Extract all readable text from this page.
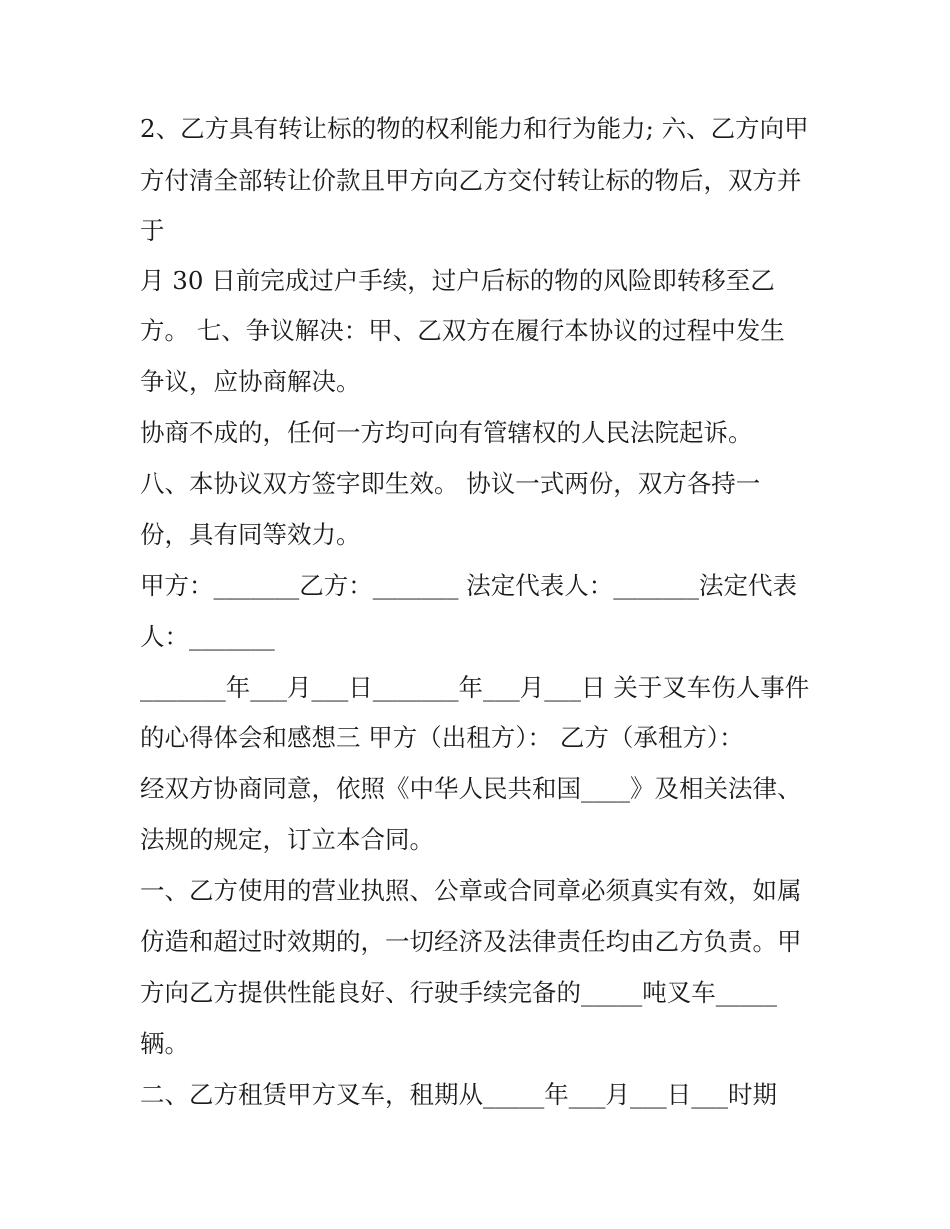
2、乙方具有转让标的物的权利能力和行为能力; 六、乙方向甲
方付清全部转让价款且甲方向乙方交付转让标的物后，双方并
于
月 30 日前完成过户手续，过户后标的物的风险即转移至乙
方。 七、争议解决：甲、乙双方在履行本协议的过程中发生
争议，应协商解决。
协商不成的，任何一方均可向有管辖权的人民法院起诉。
八、本协议双方签字即生效。 协议一式两份，双方各持一
份，具有同等效力。
甲方：_______乙方：_______ 法定代表人：_______法定代表
人：_______
_______年___月___日_______年___月___日 关于叉车伤人事件
的心得体会和感想三 甲方（出租方）： 乙方（承租方）：
经双方协商同意，依照《中华人民共和国____》及相关法律、
法规的规定，订立本合同。
一、乙方使用的营业执照、公章或合同章必须真实有效，如属
仿造和超过时效期的，一切经济及法律责任均由乙方负责。甲
方向乙方提供性能良好、行驶手续完备的_____吨叉车_____
辆。
二、乙方租赁甲方叉车，租期从_____年___月___日___时期
